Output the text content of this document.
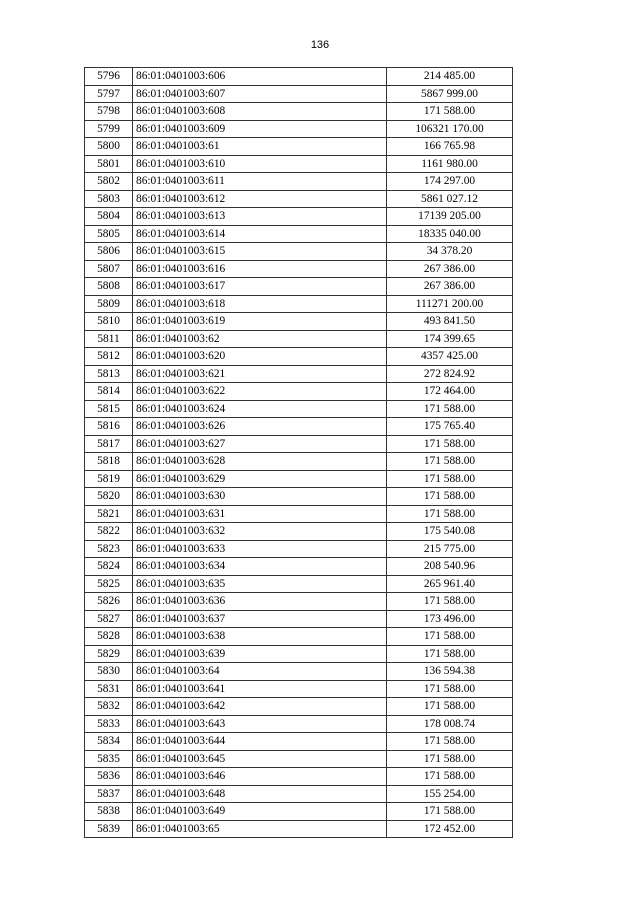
136
5796	86:01:0401003:606	214 485.00
5797	86:01:0401003:607	5867 999.00
5798	86:01:0401003:608	171 588.00
5799	86:01:0401003:609	106321 170.00
5800	86:01:0401003:61	166 765.98
5801	86:01:0401003:610	1161 980.00
5802	86:01:0401003:611	174 297.00
5803	86:01:0401003:612	5861 027.12
5804	86:01:0401003:613	17139 205.00
5805	86:01:0401003:614	18335 040.00
5806	86:01:0401003:615	34 378.20
5807	86:01:0401003:616	267 386.00
5808	86:01:0401003:617	267 386.00
5809	86:01:0401003:618	111271 200.00
5810	86:01:0401003:619	493 841.50
5811	86:01:0401003:62	174 399.65
5812	86:01:0401003:620	4357 425.00
5813	86:01:0401003:621	272 824.92
5814	86:01:0401003:622	172 464.00
5815	86:01:0401003:624	171 588.00
5816	86:01:0401003:626	175 765.40
5817	86:01:0401003:627	171 588.00
5818	86:01:0401003:628	171 588.00
5819	86:01:0401003:629	171 588.00
5820	86:01:0401003:630	171 588.00
5821	86:01:0401003:631	171 588.00
5822	86:01:0401003:632	175 540.08
5823	86:01:0401003:633	215 775.00
5824	86:01:0401003:634	208 540.96
5825	86:01:0401003:635	265 961.40
5826	86:01:0401003:636	171 588.00
5827	86:01:0401003:637	173 496.00
5828	86:01:0401003:638	171 588.00
5829	86:01:0401003:639	171 588.00
5830	86:01:0401003:64	136 594.38
5831	86:01:0401003:641	171 588.00
5832	86:01:0401003:642	171 588.00
5833	86:01:0401003:643	178 008.74
5834	86:01:0401003:644	171 588.00
5835	86:01:0401003:645	171 588.00
5836	86:01:0401003:646	171 588.00
5837	86:01:0401003:648	155 254.00
5838	86:01:0401003:649	171 588.00
5839	86:01:0401003:65	172 452.00
